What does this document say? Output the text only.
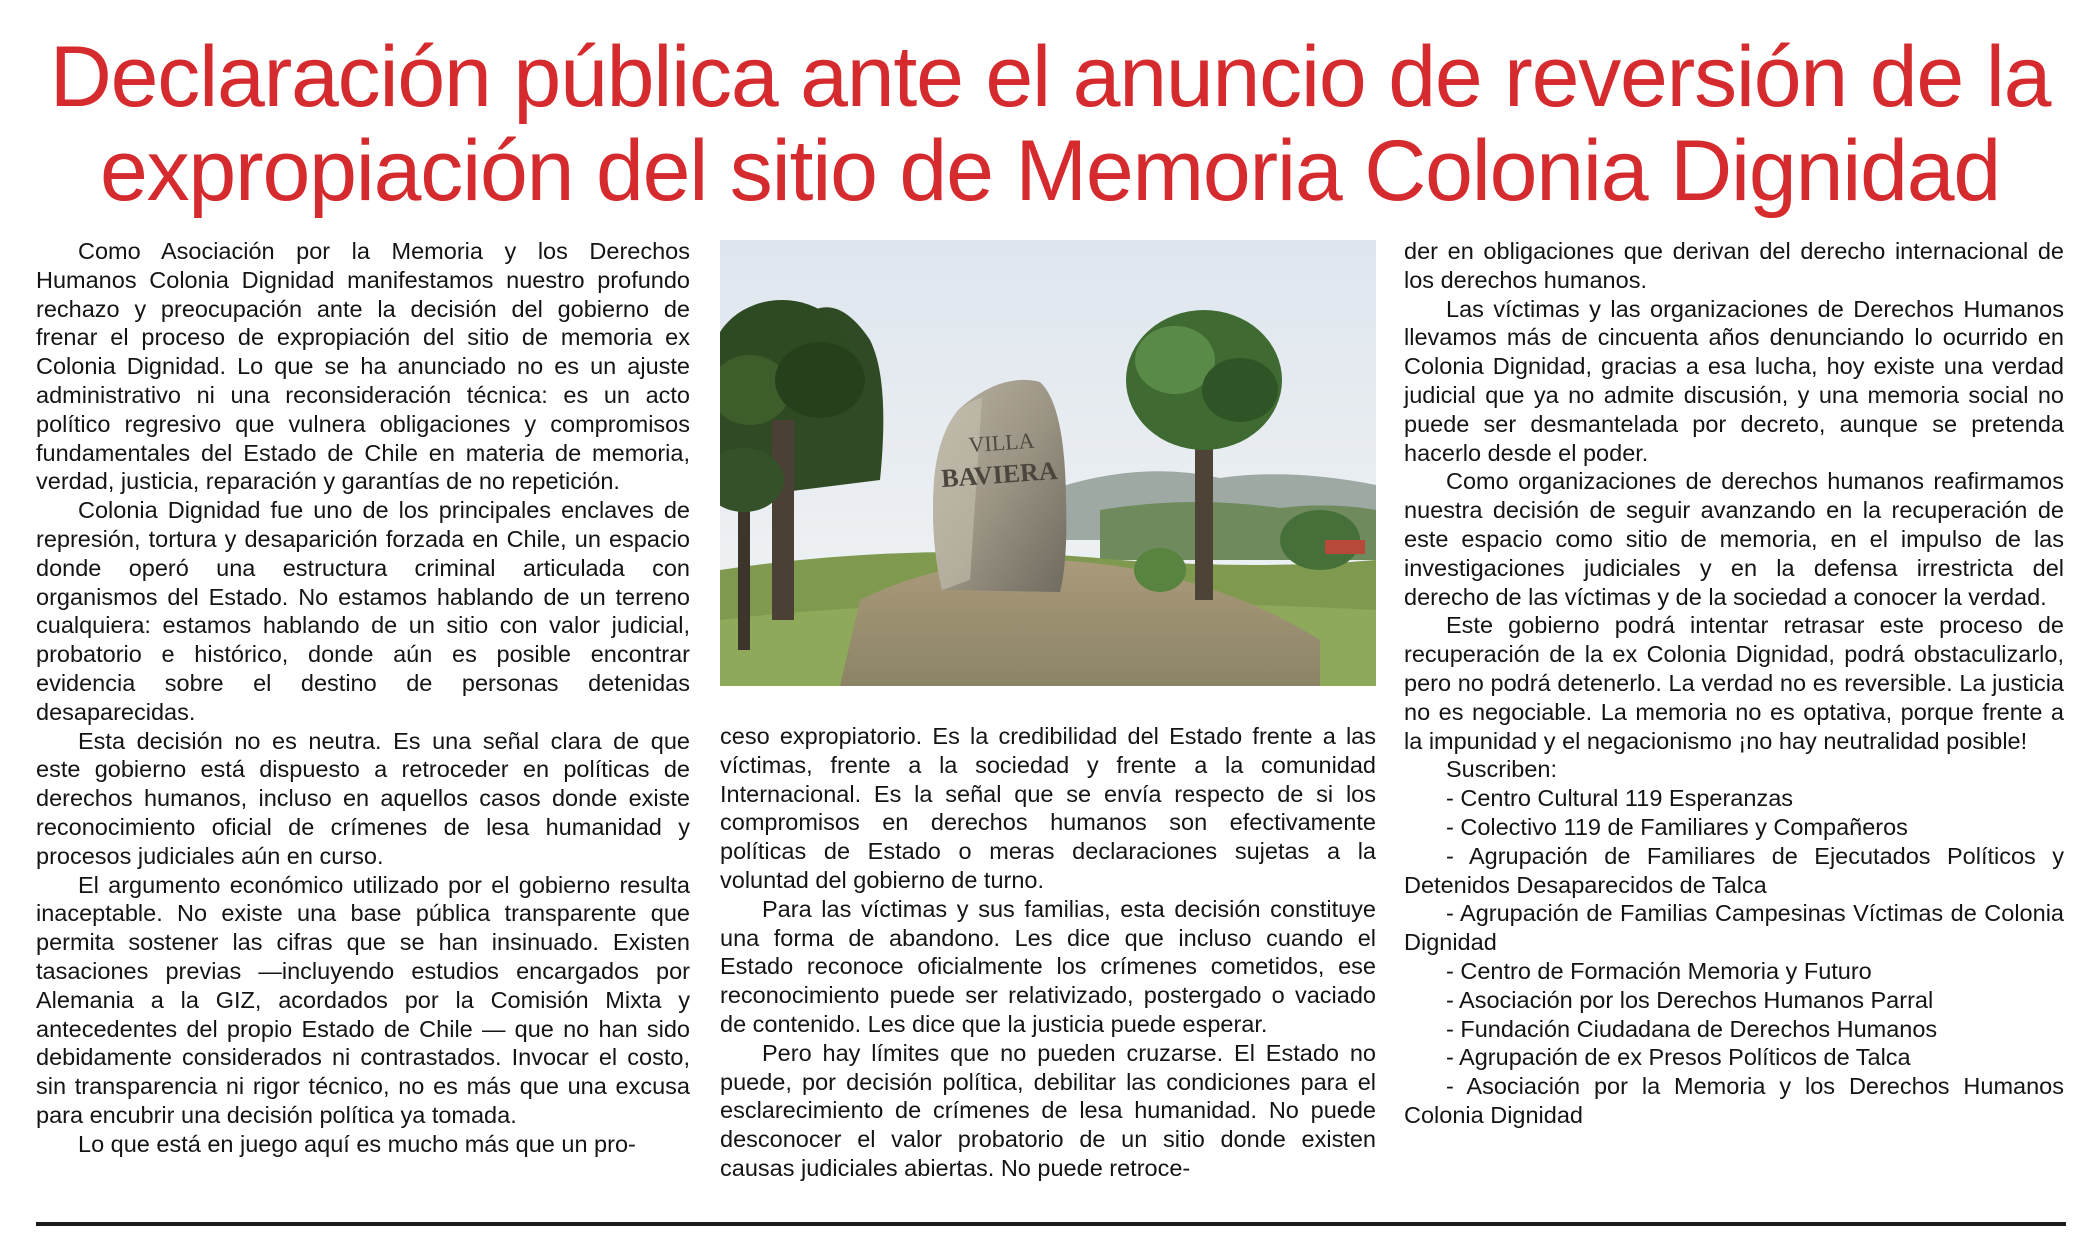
Declaración pública ante el anuncio de reversión de la expropiación del sitio de Memoria Colonia Dignidad

Como Asociación por la Memoria y los Derechos Humanos Colonia Dignidad manifestamos nuestro profundo rechazo y preocupación ante la decisión del gobierno de frenar el proceso de expropiación del sitio de memoria ex Colonia Dignidad. Lo que se ha anunciado no es un ajuste administrativo ni una reconsideración técnica: es un acto político regresivo que vulnera obligaciones y compromisos fundamentales del Estado de Chile en materia de memoria, verdad, justicia, reparación y garantías de no repetición.

Colonia Dignidad fue uno de los principales enclaves de represión, tortura y desaparición forzada en Chile, un espacio donde operó una estructura criminal articulada con organismos del Estado. No estamos hablando de un terreno cualquiera: estamos hablando de un sitio con valor judicial, probatorio e histórico, donde aún es posible encontrar evidencia sobre el destino de personas detenidas desaparecidas.

Esta decisión no es neutra. Es una señal clara de que este gobierno está dispuesto a retroceder en políticas de derechos humanos, incluso en aquellos casos donde existe reconocimiento oficial de crímenes de lesa humanidad y procesos judiciales aún en curso.

El argumento económico utilizado por el gobierno resulta inaceptable. No existe una base pública transparente que permita sostener las cifras que se han insinuado. Existen tasaciones previas —incluyendo estudios encargados por Alemania a la GIZ, acordados por la Comisión Mixta y antecedentes del propio Estado de Chile — que no han sido debidamente considerados ni contrastados. Invocar el costo, sin transparencia ni rigor técnico, no es más que una excusa para encubrir una decisión política ya tomada.

Lo que está en juego aquí es mucho más que un pro-

VILLA
BAVIERA

ceso expropiatorio. Es la credibilidad del Estado frente a las víctimas, frente a la sociedad y frente a la comunidad Internacional. Es la señal que se envía respecto de si los compromisos en derechos humanos son efectivamente políticas de Estado o meras declaraciones sujetas a la voluntad del gobierno de turno.

Para las víctimas y sus familias, esta decisión constituye una forma de abandono. Les dice que incluso cuando el Estado reconoce oficialmente los crímenes cometidos, ese reconocimiento puede ser relativizado, postergado o vaciado de contenido. Les dice que la justicia puede esperar.

Pero hay límites que no pueden cruzarse. El Estado no puede, por decisión política, debilitar las condiciones para el esclarecimiento de crímenes de lesa humanidad. No puede desconocer el valor probatorio de un sitio donde existen causas judiciales abiertas. No puede retroce-

der en obligaciones que derivan del derecho internacional de los derechos humanos.

Las víctimas y las organizaciones de Derechos Humanos llevamos más de cincuenta años denunciando lo ocurrido en Colonia Dignidad, gracias a esa lucha, hoy existe una verdad judicial que ya no admite discusión, y una memoria social no puede ser desmantelada por decreto, aunque se pretenda hacerlo desde el poder.

Como organizaciones de derechos humanos reafirmamos nuestra decisión de seguir avanzando en la recuperación de este espacio como sitio de memoria, en el impulso de las investigaciones judiciales y en la defensa irrestricta del derecho de las víctimas y de la sociedad a conocer la verdad.

Este gobierno podrá intentar retrasar este proceso de recuperación de la ex Colonia Dignidad, podrá obstaculizarlo, pero no podrá detenerlo. La verdad no es reversible. La justicia no es negociable. La memoria no es optativa, porque frente a la impunidad y el negacionismo ¡no hay neutralidad posible!

Suscriben:

- Centro Cultural 119 Esperanzas
- Colectivo 119 de Familiares y Compañeros
- Agrupación de Familiares de Ejecutados Políticos y Detenidos Desaparecidos de Talca
- Agrupación de Familias Campesinas Víctimas de Colonia Dignidad
- Centro de Formación Memoria y Futuro
- Asociación por los Derechos Humanos Parral
- Fundación Ciudadana de Derechos Humanos
- Agrupación de ex Presos Políticos de Talca
- Asociación por la Memoria y los Derechos Humanos Colonia Dignidad
